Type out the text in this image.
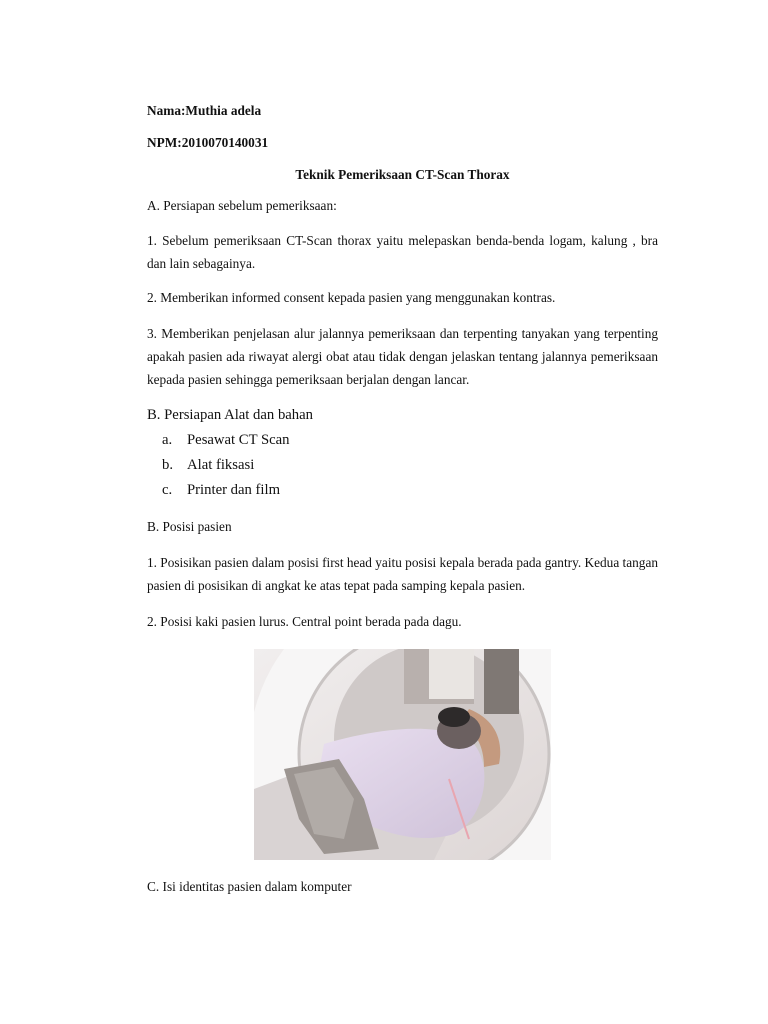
Nama:Muthia adela

NPM:2010070140031

Teknik Pemeriksaan CT-Scan Thorax

A. Persiapan sebelum pemeriksaan:

1. Sebelum pemeriksaan CT-Scan thorax yaitu melepaskan benda-benda logam, kalung , bra dan lain sebagainya.

2. Memberikan informed consent kepada pasien yang menggunakan kontras.

3. Memberikan penjelasan alur jalannya pemeriksaan dan terpenting tanyakan yang terpenting apakah pasien ada riwayat alergi obat atau tidak dengan jelaskan tentang jalannya pemeriksaan kepada pasien sehingga pemeriksaan berjalan dengan lancar.

B. Persiapan Alat dan bahan

a. Pesawat CT Scan
b. Alat fiksasi
c. Printer dan film

B. Posisi pasien

1. Posisikan pasien dalam posisi first head yaitu posisi kepala berada pada gantry. Kedua tangan pasien di posisikan di angkat ke atas tepat pada samping kepala pasien.

2. Posisi kaki pasien lurus. Central point berada pada dagu.

C. Isi identitas pasien dalam komputer
